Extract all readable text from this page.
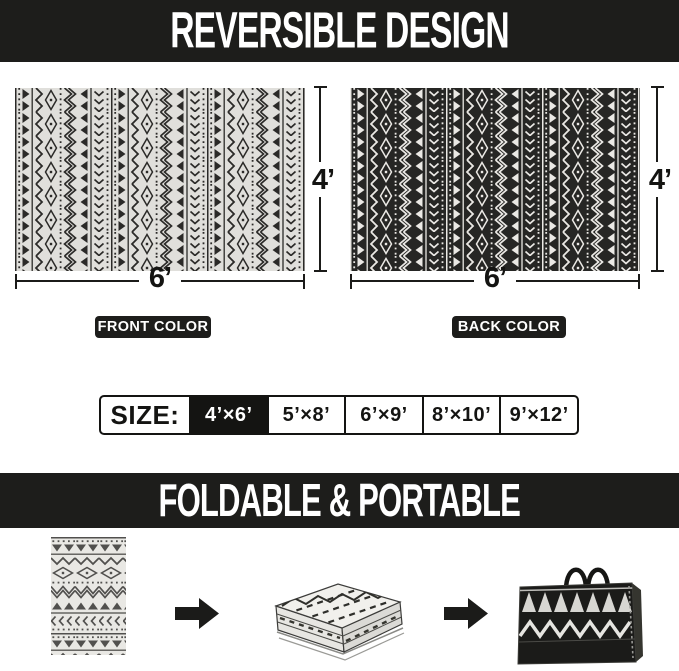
REVERSIBLE DESIGN
4’
6’
FRONT COLOR
4’
6’
BACK COLOR
SIZE:	4’×6’	5’×8’	6’×9’	8’×10’ 9’×12’
FOLDABLE & PORTABLE
